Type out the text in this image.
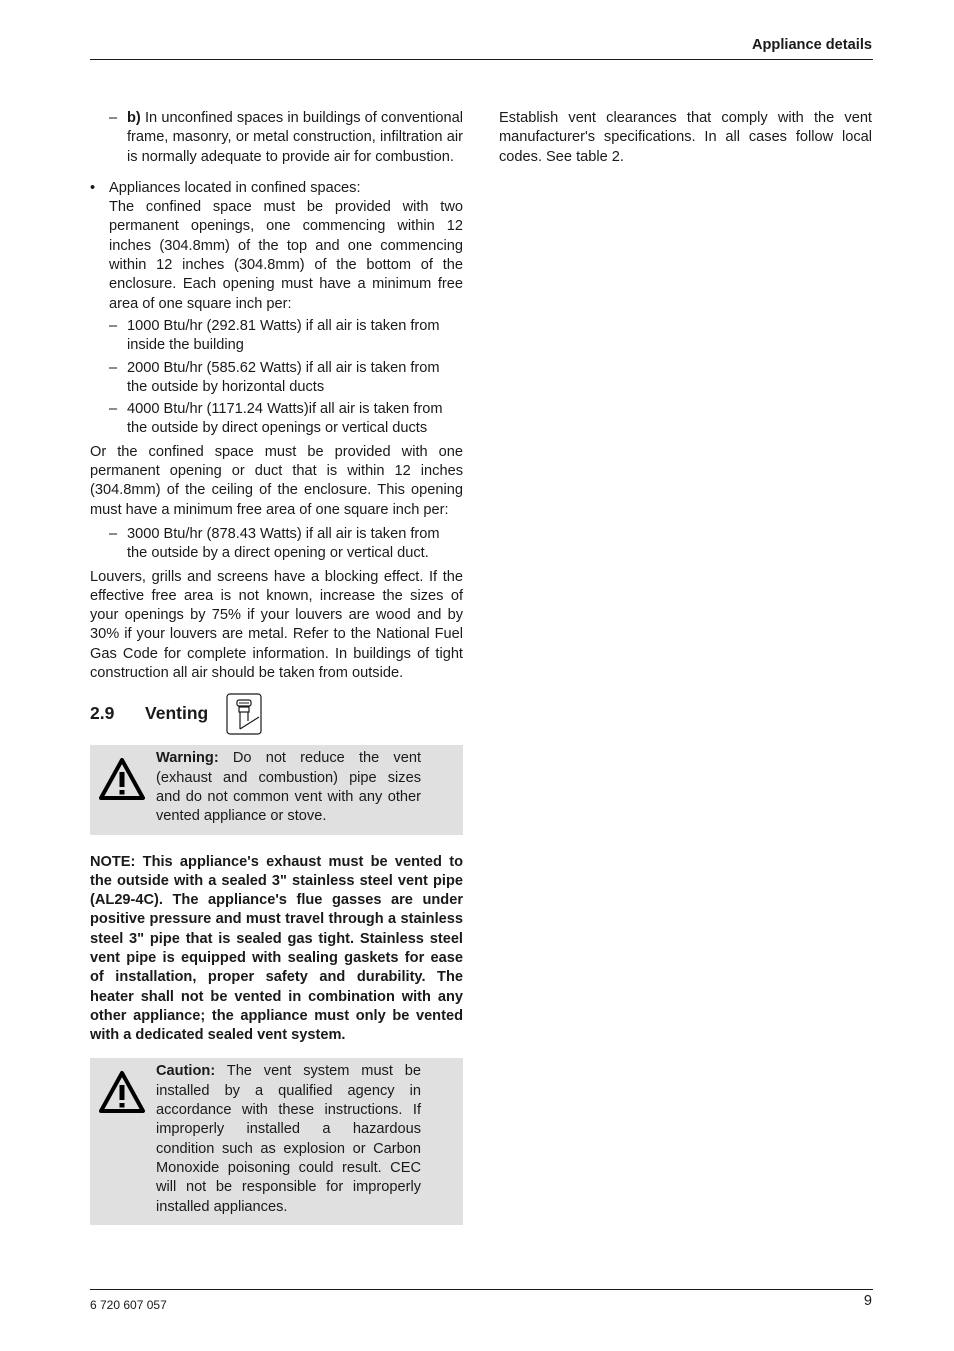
Appliance details
– b) In unconfined spaces in buildings of conventional frame, masonry, or metal construction, infiltration air is normally adequate to provide air for combustion.
• Appliances located in confined spaces:

The confined space must be provided with two permanent openings, one commencing within 12 inches (304.8mm) of the top and one commencing within 12 inches (304.8mm) of the bottom of the enclosure. Each opening must have a minimum free area of one square inch per:

– 1000 Btu/hr (292.81 Watts) if all air is taken from inside the building
– 2000 Btu/hr (585.62 Watts) if all air is taken from the outside by horizontal ducts
– 4000 Btu/hr (1171.24 Watts)if all air is taken from the outside by direct openings or vertical ducts

Or the confined space must be provided with one permanent opening or duct that is within 12 inches (304.8mm) of the ceiling of the enclosure. This opening must have a minimum free area of one square inch per:

– 3000 Btu/hr (878.43 Watts) if all air is taken from the outside by a direct opening or vertical duct.

Louvers, grills and screens have a blocking effect. If the effective free area is not known, increase the sizes of your openings by 75% if your louvers are wood and by 30% if your louvers are metal. Refer to the National Fuel Gas Code for complete information. In buildings of tight construction all air should be taken from outside.

2.9 Venting
Warning: Do not reduce the vent (exhaust and combustion) pipe sizes and do not common vent with any other vented appliance or stove.

NOTE: This appliance's exhaust must be vented to the outside with a sealed 3" stainless steel vent pipe (AL29-4C). The appliance's flue gasses are under positive pressure and must travel through a stainless steel 3" pipe that is sealed gas tight. Stainless steel vent pipe is equipped with sealing gaskets for ease of installation, proper safety and durability. The heater shall not be vented in combination with any other appliance; the appliance must only be vented with a dedicated sealed vent system.

Caution: The vent system must be installed by a qualified agency in accordance with these instructions. If improperly installed a hazardous condition such as explosion or Carbon Monoxide poisoning could result. CEC will not be responsible for improperly installed appliances.

Establish vent clearances that comply with the vent manufacturer's specifications. In all cases follow local codes. See table 2.

6 720 607 057	9
